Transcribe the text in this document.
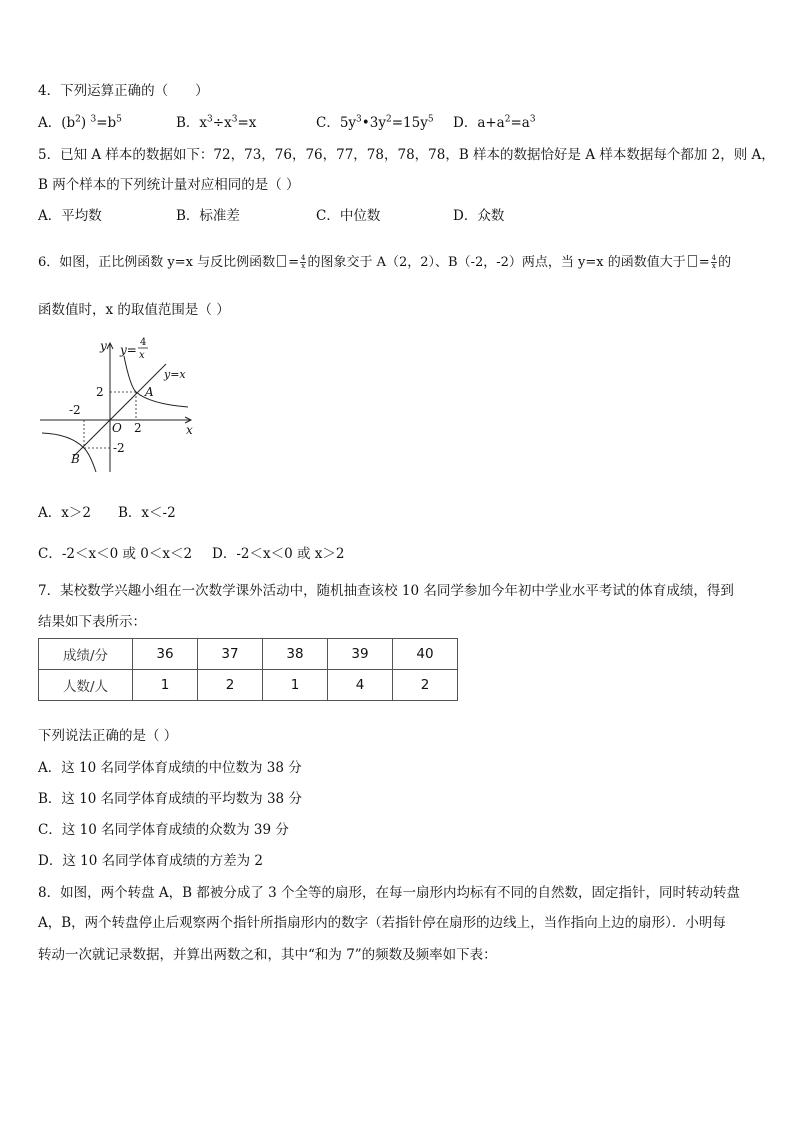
4．下列运算正确的（　　）
A．$(b^2)$ $^3=b^5$	B．$x^3\div x^3=x$	C．$5y^3•3y^2=15y^5$ D．$a+a^2=a^3$
5．已知 A 样本的数据如下：72，73，76，76，77，78，78，78，B 样本的数据恰好是 A 样本数据每个都加 2，则 A，
B 两个样本的下列统计量对应相同的是（ ）
A．平均数	B．标准差	C．中位数	D．众数
6．如图，正比例函数 y=x 与反比例函数 = $\frac{4}{x}$ 的图象交于 A（2，2）、B（-2，-2）两点，当 y=x 的函数值大于 = $\frac{4}{x}$ 的
函数值时，x 的取值范围是（ ）
y
x
O
y=
y=x
A
B
4
x
2
-2
2
-2
A．x＞2 B．x＜-2
C．-2＜x＜0 或 0＜x＜2 D．-2＜x＜0 或 x＞2
7．某校数学兴趣小组在一次数学课外活动中，随机抽查该校 10 名同学参加今年初中学业水平考试的体育成绩，得到
结果如下表所示：
成绩/分	36	37	38	39	40
人数/人	1	2	1	4	2
下列说法正确的是（ ）
A．这 10 名同学体育成绩的中位数为 38 分
B．这 10 名同学体育成绩的平均数为 38 分
C．这 10 名同学体育成绩的众数为 39 分
D．这 10 名同学体育成绩的方差为 2
8．如图，两个转盘 A，B 都被分成了 3 个全等的扇形，在每一扇形内均标有不同的自然数，固定指针，同时转动转盘
A，B，两个转盘停止后观察两个指针所指扇形内的数字（若指针停在扇形的边线上，当作指向上边的扇形）．小明每
转动一次就记录数据，并算出两数之和，其中“和为 7”的频数及频率如下表：
